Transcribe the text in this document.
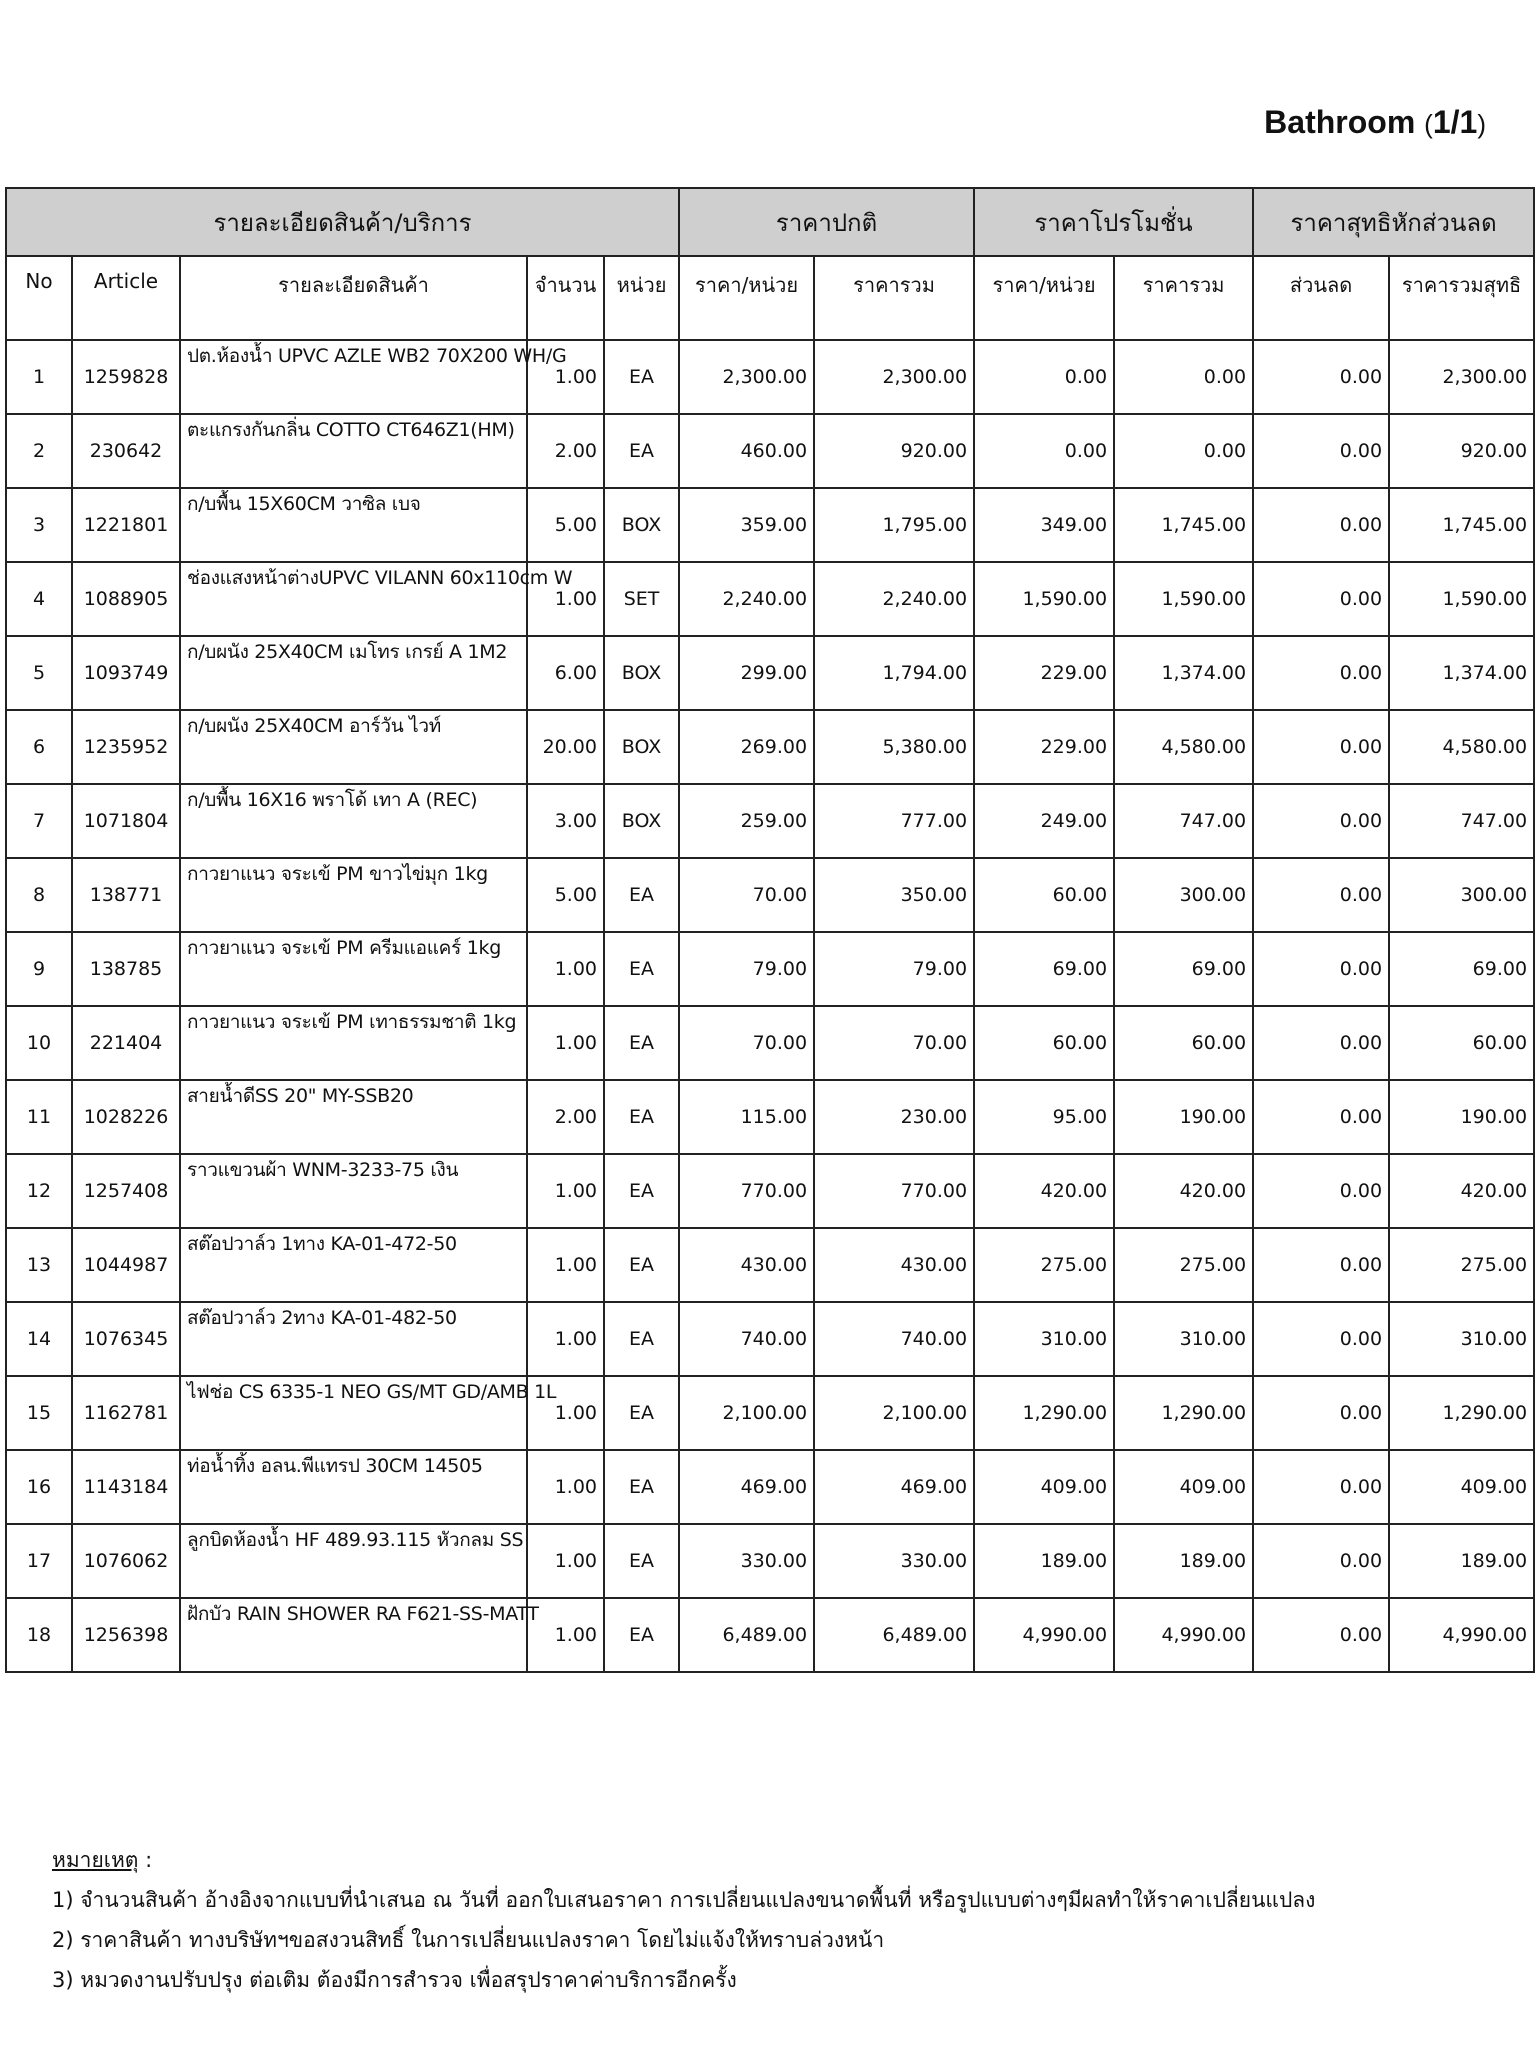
Bathroom (1/1)
รายละเอียดสินค้า/บริการ					ราคาปกติ		ราคาโปรโมชั่น		ราคาสุทธิหักส่วนลด	
No	Article	รายละเอียดสินค้า	จำนวน	หน่วย	ราคา/หน่วย	ราคารวม	ราคา/หน่วย	ราคารวม	ส่วนลด	ราคารวมสุทธิ
1	1259828	ปต.ห้องน้ำ UPVC AZLE WB2 70X200 WH/G	1.00	EA	2,300.00	2,300.00	0.00	0.00	0.00	2,300.00
2	230642	ตะแกรงกันกลิ่น COTTO CT646Z1(HM)	2.00	EA	460.00	920.00	0.00	0.00	0.00	920.00
3	1221801	ก/บพื้น 15X60CM วาซิล เบจ	5.00	BOX	359.00	1,795.00	349.00	1,745.00	0.00	1,745.00
4	1088905	ช่องแสงหน้าต่างUPVC VILANN 60x110cm W	1.00	SET	2,240.00	2,240.00	1,590.00	1,590.00	0.00	1,590.00
5	1093749	ก/บผนัง 25X40CM เมโทร เกรย์ A 1M2	6.00	BOX	299.00	1,794.00	229.00	1,374.00	0.00	1,374.00
6	1235952	ก/บผนัง 25X40CM อาร์วัน ไวท์	20.00	BOX	269.00	5,380.00	229.00	4,580.00	0.00	4,580.00
7	1071804	ก/บพื้น 16X16 พราโด้ เทา A (REC)	3.00	BOX	259.00	777.00	249.00	747.00	0.00	747.00
8	138771	กาวยาแนว จระเข้ PM ขาวไข่มุก 1kg	5.00	EA	70.00	350.00	60.00	300.00	0.00	300.00
9	138785	กาวยาแนว จระเข้ PM ครีมแอแคร์ 1kg	1.00	EA	79.00	79.00	69.00	69.00	0.00	69.00
10	221404	กาวยาแนว จระเข้ PM เทาธรรมชาติ 1kg	1.00	EA	70.00	70.00	60.00	60.00	0.00	60.00
11	1028226	สายน้ำดีSS 20" MY-SSB20	2.00	EA	115.00	230.00	95.00	190.00	0.00	190.00
12	1257408	ราวแขวนผ้า WNM-3233-75 เงิน	1.00	EA	770.00	770.00	420.00	420.00	0.00	420.00
13	1044987	สต๊อปวาล์ว 1ทาง KA-01-472-50	1.00	EA	430.00	430.00	275.00	275.00	0.00	275.00
14	1076345	สต๊อปวาล์ว 2ทาง KA-01-482-50	1.00	EA	740.00	740.00	310.00	310.00	0.00	310.00
15	1162781	ไฟช่อ CS 6335-1 NEO GS/MT GD/AMB 1L	1.00	EA	2,100.00	2,100.00	1,290.00	1,290.00	0.00	1,290.00
16	1143184	ท่อน้ำทิ้ง อลน.พีแทรป 30CM 14505	1.00	EA	469.00	469.00	409.00	409.00	0.00	409.00
17	1076062	ลูกบิดห้องน้ำ HF 489.93.115 หัวกลม SS	1.00	EA	330.00	330.00	189.00	189.00	0.00	189.00
18	1256398	ฝักบัว RAIN SHOWER RA F621-SS-MATT	1.00	EA	6,489.00	6,489.00	4,990.00	4,990.00	0.00	4,990.00
หมายเหตุ :
1) จำนวนสินค้า อ้างอิงจากแบบที่นำเสนอ ณ วันที่ ออกใบเสนอราคา การเปลี่ยนแปลงขนาดพื้นที่ หรือรูปแบบต่างๆมีผลทำให้ราคาเปลี่ยนแปลง
2) ราคาสินค้า ทางบริษัทฯขอสงวนสิทธิ์ ในการเปลี่ยนแปลงราคา โดยไม่แจ้งให้ทราบล่วงหน้า
3) หมวดงานปรับปรุง ต่อเติม ต้องมีการสำรวจ เพื่อสรุปราคาค่าบริการอีกครั้ง
